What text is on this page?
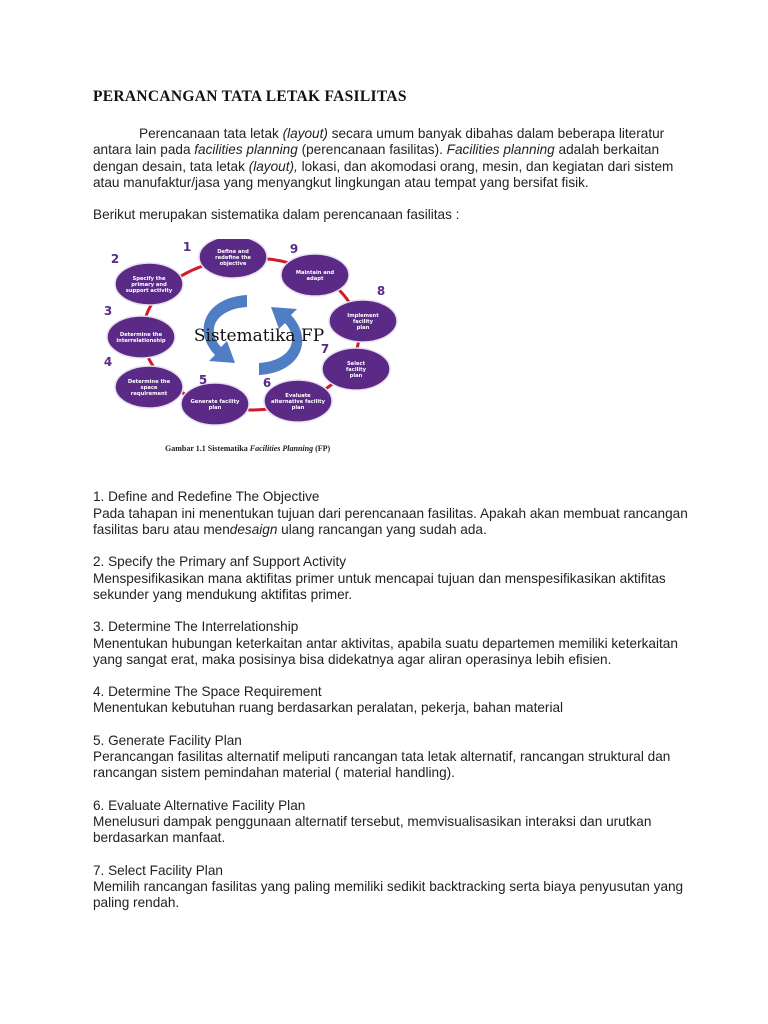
PERANCANGAN TATA LETAK FASILITAS

Perencanaan tata letak (layout) secara umum banyak dibahas dalam beberapa literatur antara lain pada facilities planning (perencanaan fasilitas). Facilities planning adalah berkaitan dengan desain, tata letak (layout), lokasi, dan akomodasi orang, mesin, dan kegiatan dari sistem atau manufaktur/jasa yang menyangkut lingkungan atau tempat yang bersifat fisik.

Berikut merupakan sistematika dalam perencanaan fasilitas :

Define and
redefine the
objective
1
Specify the
primary and
support activity
2
Determine the
interrelationship
3
Determine the
space
requirement
4
Generate facility
plan
5
Evaluate
alternative facility
plan
6
Select
facility
plan
7
Implement
facility
plan
8
Maintain and
adapt
9
Sistematika FP
Gambar 1.1 Sistematika Facilities Planning (FP)

1. Define and Redefine The Objective

Pada tahapan ini menentukan tujuan dari perencanaan fasilitas. Apakah akan membuat rancangan fasilitas baru atau mendesaign ulang rancangan yang sudah ada.

2. Specify the Primary anf Support Activity

Menspesifikasikan mana aktifitas primer untuk mencapai tujuan dan menspesifikasikan aktifitas sekunder yang mendukung aktifitas primer.

3. Determine The Interrelationship

Menentukan hubungan keterkaitan antar aktivitas, apabila suatu departemen memiliki keterkaitan yang sangat erat, maka posisinya bisa didekatnya agar aliran operasinya lebih efisien.

4. Determine The Space Requirement

Menentukan kebutuhan ruang berdasarkan peralatan, pekerja, bahan material

5. Generate Facility Plan

Perancangan fasilitas alternatif meliputi rancangan tata letak alternatif, rancangan struktural dan rancangan sistem pemindahan material ( material handling).

6. Evaluate Alternative Facility Plan

Menelusuri dampak penggunaan alternatif tersebut, memvisualisasikan interaksi dan urutkan berdasarkan manfaat.

7. Select Facility Plan

Memilih rancangan fasilitas yang paling memiliki sedikit backtracking serta biaya penyusutan yang paling rendah.
